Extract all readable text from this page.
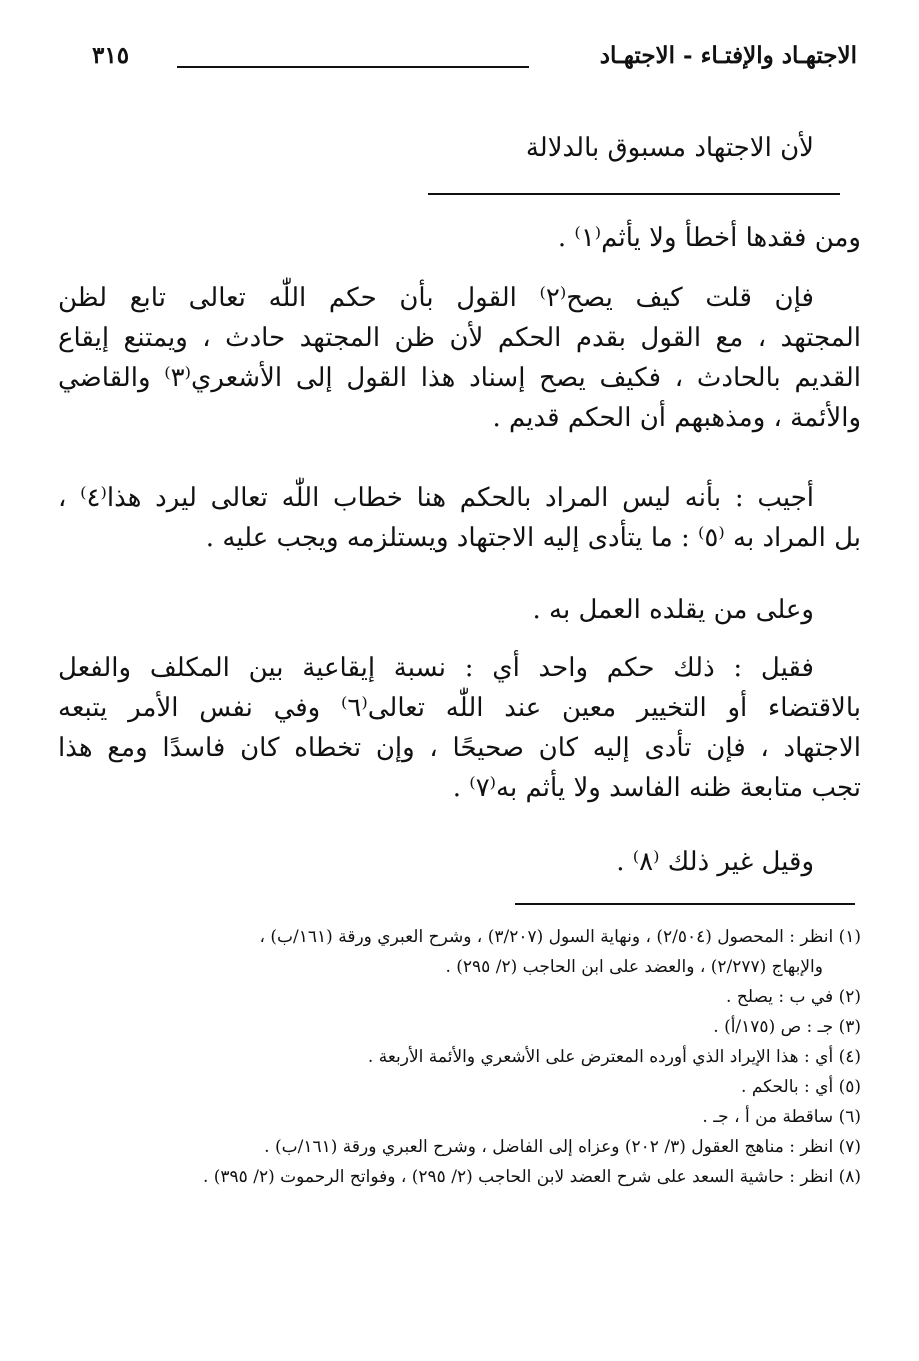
الاجتهـاد والإفتـاء - الاجتهـاد
٣١٥
لأن الاجتهاد مسبوق بالدلالة
ومن فقدها أخطأ ولا يأثم⁽١⁾ .
فإن قلت كيف يصح⁽٢⁾ القول بأن حكم اللّٰه تعالى تابع لظن
المجتهد ، مع القول بقدم الحكم لأن ظن المجتهد حادث ، ويمتنع إيقاع
القديم بالحادث ، فكيف يصح إسناد هذا القول إلى الأشعري⁽٣⁾ والقاضي
والأئمة ، ومذهبهم أن الحكم قديم .
أجيب : بأنه ليس المراد بالحكم هنا خطاب اللّٰه تعالى ليرد هذا⁽٤⁾ ،
بل المراد به ⁽٥⁾ : ما يتأدى إليه الاجتهاد ويستلزمه ويجب عليه .
وعلى من يقلده العمل به .
فقيل : ذلك حكم واحد أي : نسبة إيقاعية بين المكلف والفعل
بالاقتضاء أو التخيير معين عند اللّٰه تعالى⁽٦⁾ وفي نفس الأمر يتبعه
الاجتهاد ، فإن تأدى إليه كان صحيحًا ، وإن تخطاه كان فاسدًا ومع هذا
تجب متابعة ظنه الفاسد ولا يأثم به⁽٧⁾ .
وقيل غير ذلك ⁽٨⁾ .
(١) انظر : المحصول (٢/٥٠٤) ، ونهاية السول (٣/٢٠٧) ، وشرح العبري ورقة (١٦١/ب) ،
والإبهاج (٢/٢٧٧) ، والعضد على ابن الحاجب (٢/ ٢٩٥) .
(٢) في ب : يصلح .
(٣) جـ : ص (١٧٥/أ) .
(٤) أي : هذا الإيراد الذي أورده المعترض على الأشعري والأئمة الأربعة .
(٥) أي : بالحكم .
(٦) ساقطة من أ ، جـ .
(٧) انظر : مناهج العقول (٣/ ٢٠٢) وعزاه إلى الفاضل ، وشرح العبري ورقة (١٦١/ب) .
(٨) انظر : حاشية السعد على شرح العضد لابن الحاجب (٢/ ٢٩٥) ، وفواتح الرحموت (٢/ ٣٩٥) .
